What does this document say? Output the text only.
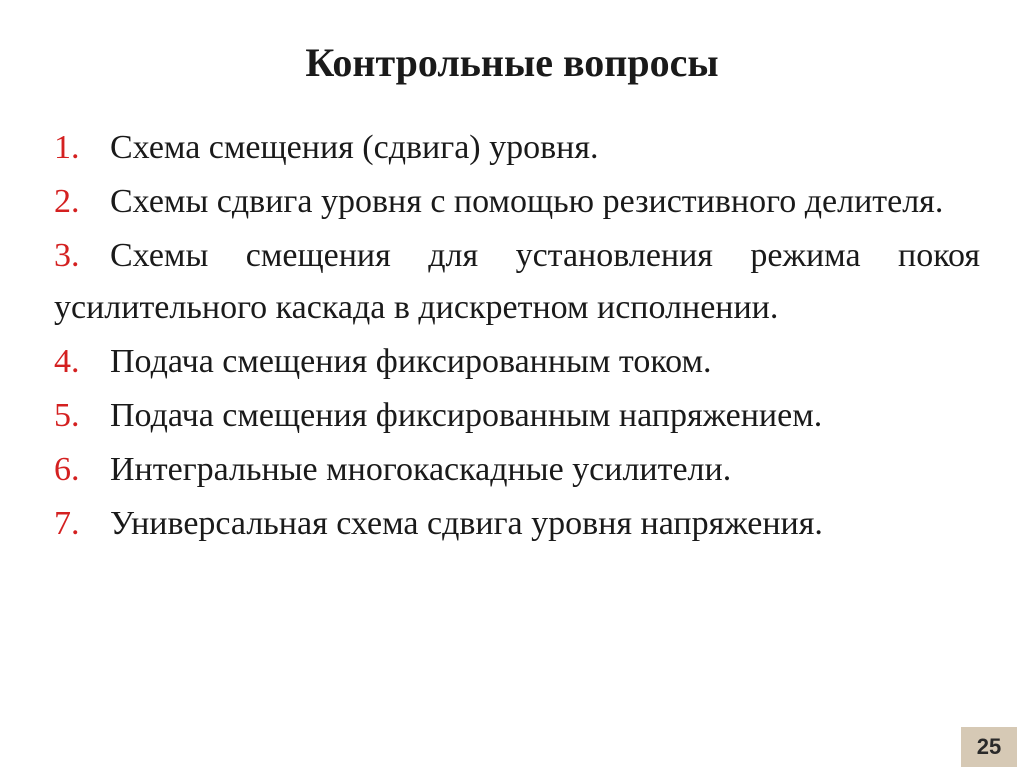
Контрольные вопросы
1. Схема смещения (сдвига) уровня.
2. Схемы сдвига уровня с помощью резистивного делителя.
3. Схемы смещения для установления режима покоя усилительного каскада в дискретном исполнении.
4. Подача смещения фиксированным током.
5. Подача смещения фиксированным напряжением.
6. Интегральные многокаскадные усилители.
7. Универсальная схема сдвига уровня напряжения.
25
